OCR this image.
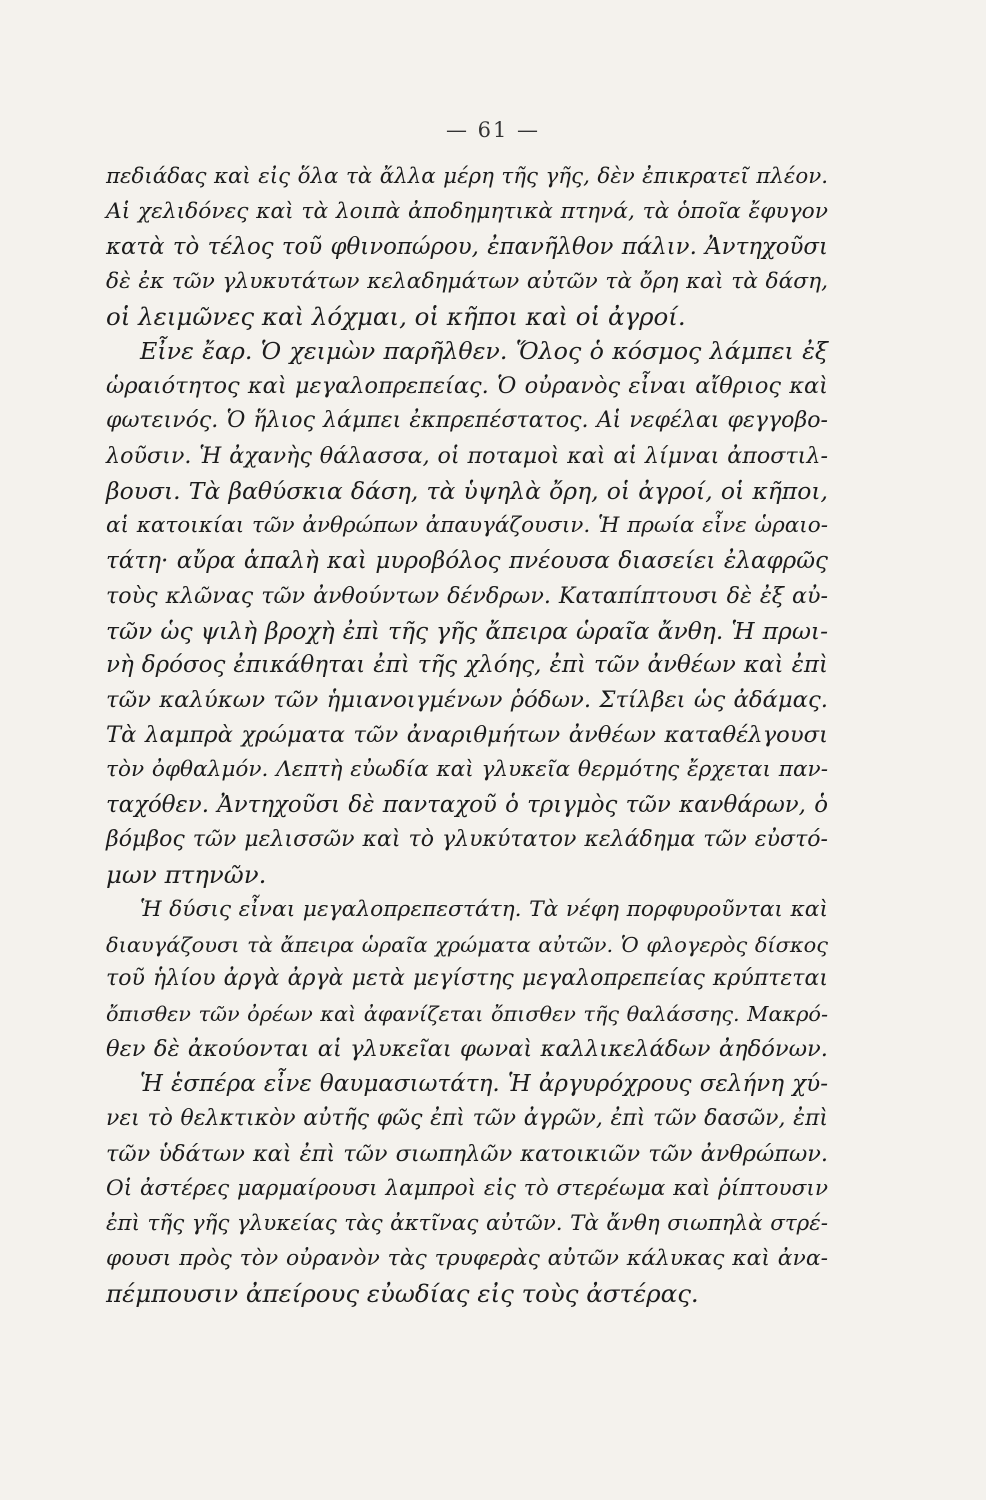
— 61 —
πεδιάδας καὶ εἰς ὅλα τὰ ἄλλα μέρη τῆς γῆς, δὲν ἐπικρατεῖ πλέον.
Αἱ χελιδόνες καὶ τὰ λοιπὰ ἀποδημητικὰ πτηνά, τὰ ὁποῖα ἔφυγον
κατὰ τὸ τέλος τοῦ φθινοπώρου, ἐπανῆλθον πάλιν. Ἀντηχοῦσι
δὲ ἐκ τῶν γλυκυτάτων κελαδημάτων αὐτῶν τὰ ὄρη καὶ τὰ δάση,
οἱ λειμῶνες καὶ λόχμαι, οἱ κῆποι καὶ οἱ ἀγροί.
Εἶνε ἔαρ. Ὁ χειμὼν παρῆλθεν. Ὅλος ὁ κόσμος λάμπει ἐξ
ὡραιότητος καὶ μεγαλοπρεπείας. Ὁ οὐρανὸς εἶναι αἴθριος καὶ
φωτεινός. Ὁ ἥλιος λάμπει ἐκπρεπέστατος. Αἱ νεφέλαι φεγγοβο-
λοῦσιν. Ἡ ἀχανὴς θάλασσα, οἱ ποταμοὶ καὶ αἱ λίμναι ἀποστιλ-
βουσι. Τὰ βαθύσκια δάση, τὰ ὑψηλὰ ὄρη, οἱ ἀγροί, οἱ κῆποι,
αἱ κατοικίαι τῶν ἀνθρώπων ἀπαυγάζουσιν. Ἡ πρωία εἶνε ὡραιο-
τάτη· αὔρα ἁπαλὴ καὶ μυροβόλος πνέουσα διασείει ἐλαφρῶς
τοὺς κλῶνας τῶν ἀνθούντων δένδρων. Καταπίπτουσι δὲ ἐξ αὐ-
τῶν ὡς ψιλὴ βροχὴ ἐπὶ τῆς γῆς ἄπειρα ὡραῖα ἄνθη. Ἡ πρωι-
νὴ δρόσος ἐπικάθηται ἐπὶ τῆς χλόης, ἐπὶ τῶν ἀνθέων καὶ ἐπὶ
τῶν καλύκων τῶν ἡμιανοιγμένων ῥόδων. Στίλβει ὡς ἀδάμας.
Τὰ λαμπρὰ χρώματα τῶν ἀναριθμήτων ἀνθέων καταθέλγουσι
τὸν ὀφθαλμόν. Λεπτὴ εὐωδία καὶ γλυκεῖα θερμότης ἔρχεται παν-
ταχόθεν. Ἀντηχοῦσι δὲ πανταχοῦ ὁ τριγμὸς τῶν κανθάρων, ὁ
βόμβος τῶν μελισσῶν καὶ τὸ γλυκύτατον κελάδημα τῶν εὐστό-
μων πτηνῶν.
Ἡ δύσις εἶναι μεγαλοπρεπεστάτη. Τὰ νέφη πορφυροῦνται καὶ
διαυγάζουσι τὰ ἄπειρα ὡραῖα χρώματα αὐτῶν. Ὁ φλογερὸς δίσκος
τοῦ ἡλίου ἀργὰ ἀργὰ μετὰ μεγίστης μεγαλοπρεπείας κρύπτεται
ὄπισθεν τῶν ὀρέων καὶ ἀφανίζεται ὄπισθεν τῆς θαλάσσης. Μακρό-
θεν δὲ ἀκούονται αἱ γλυκεῖαι φωναὶ καλλικελάδων ἀηδόνων.
Ἡ ἑσπέρα εἶνε θαυμασιωτάτη. Ἡ ἀργυρόχρους σελήνη χύ-
νει τὸ θελκτικὸν αὐτῆς φῶς ἐπὶ τῶν ἀγρῶν, ἐπὶ τῶν δασῶν, ἐπὶ
τῶν ὑδάτων καὶ ἐπὶ τῶν σιωπηλῶν κατοικιῶν τῶν ἀνθρώπων.
Οἱ ἀστέρες μαρμαίρουσι λαμπροὶ εἰς τὸ στερέωμα καὶ ῥίπτουσιν
ἐπὶ τῆς γῆς γλυκείας τὰς ἀκτῖνας αὐτῶν. Τὰ ἄνθη σιωπηλὰ στρέ-
φουσι πρὸς τὸν οὐρανὸν τὰς τρυφερὰς αὐτῶν κάλυκας καὶ ἀνα-
πέμπουσιν ἀπείρους εὐωδίας εἰς τοὺς ἀστέρας.
